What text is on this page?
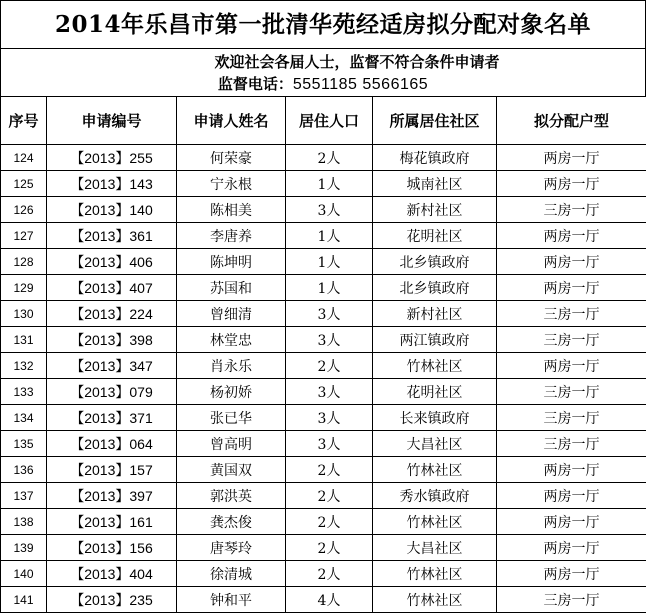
2014年乐昌市第一批清华苑经适房拟分配对象名单
欢迎社会各届人士，监督不符合条件申请者
监督电话：5551185 5566165
序号	申请编号	申请人姓名	居住人口	所属居住社区	拟分配户型
124	【2013】255	何荣豪	2人	梅花镇政府	两房一厅
125	【2013】143	宁永根	1人	城南社区	两房一厅
126	【2013】140	陈相美	3人	新村社区	三房一厅
127	【2013】361	李唐养	1人	花明社区	两房一厅
128	【2013】406	陈坤明	1人	北乡镇政府	两房一厅
129	【2013】407	苏国和	1人	北乡镇政府	两房一厅
130	【2013】224	曾细清	3人	新村社区	三房一厅
131	【2013】398	林堂忠	3人	两江镇政府	三房一厅
132	【2013】347	肖永乐	2人	竹林社区	两房一厅
133	【2013】079	杨初娇	3人	花明社区	三房一厅
134	【2013】371	张已华	3人	长来镇政府	三房一厅
135	【2013】064	曾高明	3人	大昌社区	三房一厅
136	【2013】157	黄国双	2人	竹林社区	两房一厅
137	【2013】397	郭洪英	2人	秀水镇政府	两房一厅
138	【2013】161	龚杰俊	2人	竹林社区	两房一厅
139	【2013】156	唐琴玲	2人	大昌社区	两房一厅
140	【2013】404	徐清城	2人	竹林社区	两房一厅
141	【2013】235	钟和平	4人	竹林社区	三房一厅
